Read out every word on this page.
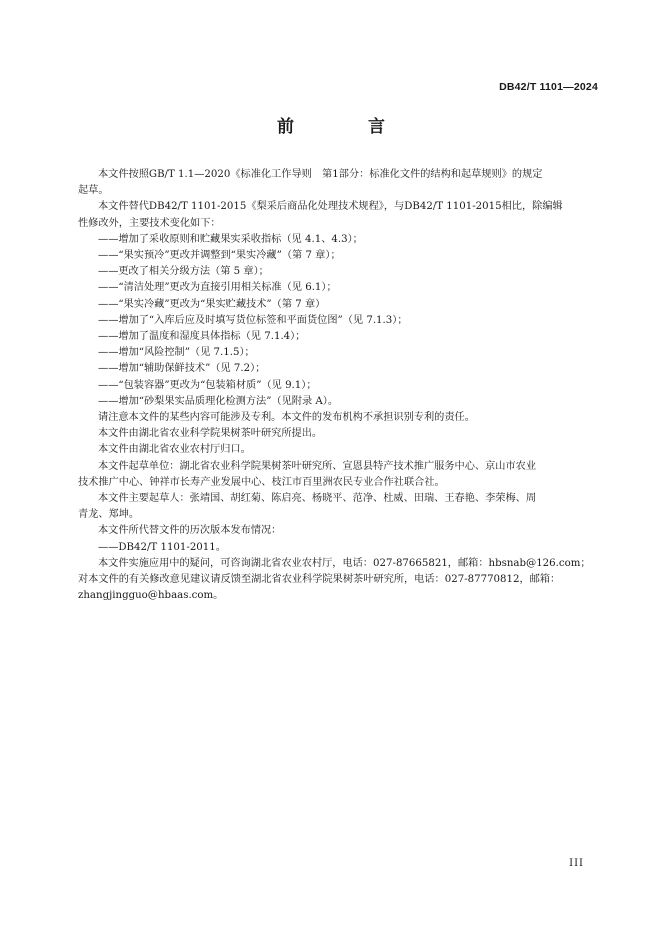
DB42/T 1101—2024
前 言

本文件按照GB/T 1.1—2020《标准化工作导则　第1部分：标准化文件的结构和起草规则》的规定

起草。

本文件替代DB42/T 1101-2015《梨采后商品化处理技术规程》，与DB42/T 1101-2015相比，除编辑

性修改外，主要技术变化如下：

——增加了采收原则和贮藏果实采收指标（见 4.1、4.3）；

——“果实预冷”更改并调整到“果实冷藏”（第 7 章）；

——更改了相关分级方法（第 5 章）；

——“清洁处理”更改为直接引用相关标准（见 6.1）；

——“果实冷藏”更改为“果实贮藏技术”（第 7 章）

——增加了“入库后应及时填写货位标签和平面货位图”（见 7.1.3）；

——增加了温度和湿度具体指标（见 7.1.4）；

——增加“风险控制”（见 7.1.5）；

——增加“辅助保鲜技术”（见 7.2）；

——“包装容器”更改为“包装箱材质”（见 9.1）；

——增加“砂梨果实品质理化检测方法”（见附录 A）。

请注意本文件的某些内容可能涉及专利。本文件的发布机构不承担识别专利的责任。

本文件由湖北省农业科学院果树茶叶研究所提出。

本文件由湖北省农业农村厅归口。

本文件起草单位：湖北省农业科学院果树茶叶研究所、宣恩县特产技术推广服务中心、京山市农业

技术推广中心、钟祥市长寿产业发展中心、枝江市百里洲农民专业合作社联合社。

本文件主要起草人：张靖国、胡红菊、陈启亮、杨晓平、范净、杜威、田瑞、王春艳、李荣梅、周

青龙、郑坤。

本文件所代替文件的历次版本发布情况：

——DB42/T 1101-2011。

本文件实施应用中的疑问，可咨询湖北省农业农村厅，电话：027-87665821，邮箱：hbsnab@126.com；

对本文件的有关修改意见建议请反馈至湖北省农业科学院果树茶叶研究所，电话：027-87770812，邮箱：

zhangjingguo@hbaas.com。

III
